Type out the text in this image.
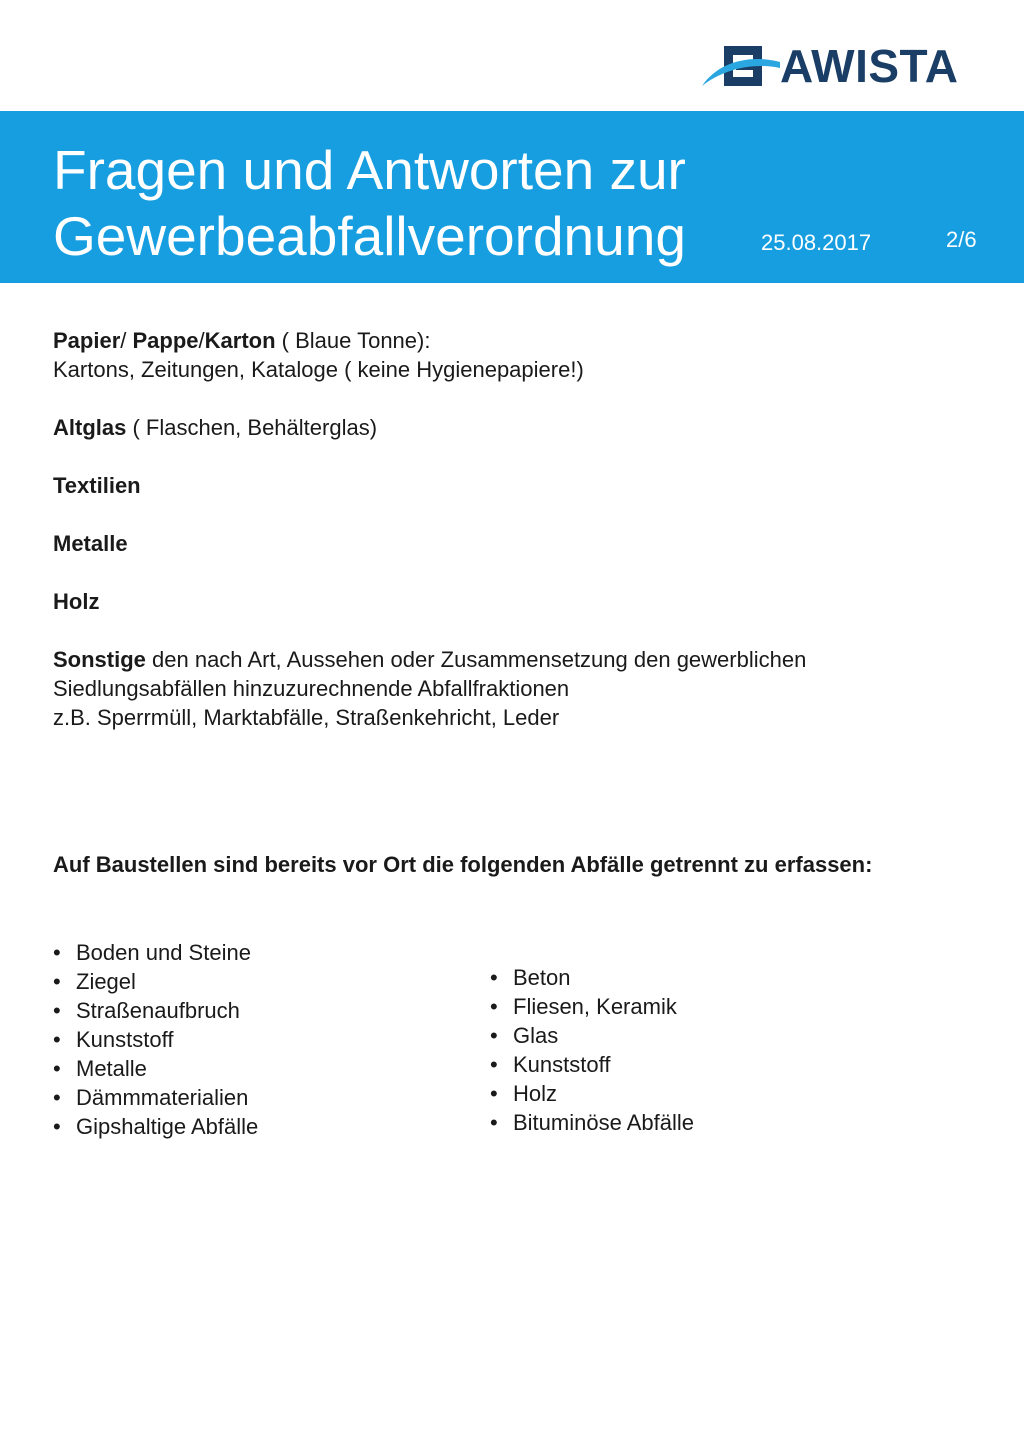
AWISTA
Fragen und Antworten zur
Gewerbeabfallverordnung	25.08.2017	2/6

Papier/ Pappe/Karton ( Blaue Tonne):

Kartons, Zeitungen, Kataloge ( keine Hygienepapiere!)

Altglas ( Flaschen, Behälterglas)

Textilien

Metalle

Holz

Sonstige den nach Art, Aussehen oder Zusammensetzung den gewerblichen

Siedlungsabfällen hinzuzurechnende Abfallfraktionen

z.B. Sperrmüll, Marktabfälle, Straßenkehricht, Leder

Auf Baustellen sind bereits vor Ort die folgenden Abfälle getrennt zu erfassen:
• Boden und Steine
• Ziegel
• Straßenaufbruch
• Kunststoff
• Metalle
• Dämmmaterialien
• Gipshaltige Abfälle
• Beton
• Fliesen, Keramik
• Glas
• Kunststoff
• Holz
• Bituminöse Abfälle
